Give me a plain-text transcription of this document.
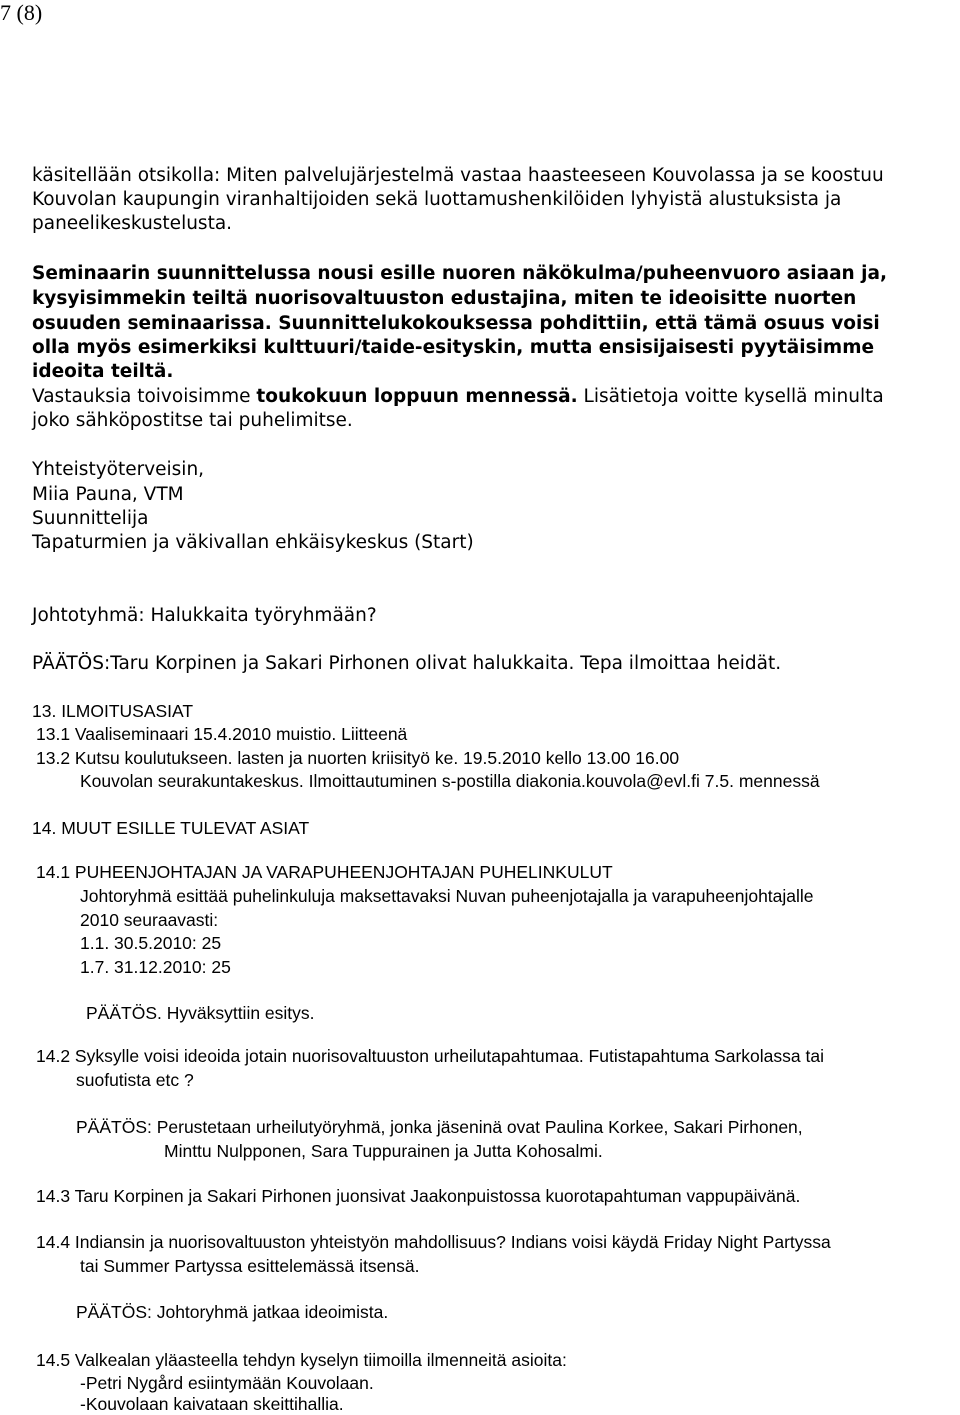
7 (8)

käsitellään otsikolla: Miten palvelujärjestelmä vastaa haasteeseen Kouvolassa ja se koostuu

Kouvolan kaupungin viranhaltijoiden sekä luottamushenkilöiden lyhyistä alustuksista ja

paneelikeskustelusta.

Seminaarin suunnittelussa nousi esille nuoren näkökulma/puheenvuoro asiaan ja,

kysyisimmekin teiltä nuorisovaltuuston edustajina, miten te ideoisitte nuorten

osuuden seminaarissa. Suunnittelukokouksessa pohdittiin, että tämä osuus voisi

olla myös esimerkiksi kulttuuri/taide-esityskin, mutta ensisijaisesti pyytäisimme

ideoita teiltä.

Vastauksia toivoisimme toukokuun loppuun mennessä. Lisätietoja voitte kysellä minulta

joko sähköpostitse tai puhelimitse.

Yhteistyöterveisin,

Miia Pauna, VTM

Suunnittelija

Tapaturmien ja väkivallan ehkäisykeskus (Start)

Johtotyhmä: Halukkaita työryhmään?

PÄÄTÖS:Taru Korpinen ja Sakari Pirhonen olivat halukkaita. Tepa ilmoittaa heidät.

13. ILMOITUSASIAT

13.1 Vaaliseminaari 15.4.2010 muistio. Liitteenä

13.2 Kutsu koulutukseen. lasten ja nuorten kriisityö ke. 19.5.2010 kello 13.00 16.00

Kouvolan seurakuntakeskus. Ilmoittautuminen s-postilla diakonia.kouvola@evl.fi 7.5. mennessä

14. MUUT ESILLE TULEVAT ASIAT

14.1 PUHEENJOHTAJAN JA VARAPUHEENJOHTAJAN PUHELINKULUT

Johtoryhmä esittää puhelinkuluja maksettavaksi Nuvan puheenjotajalla ja varapuheenjohtajalle

2010 seuraavasti:

1.1. 30.5.2010: 25

1.7. 31.12.2010: 25

PÄÄTÖS. Hyväksyttiin esitys.

14.2 Syksylle voisi ideoida jotain nuorisovaltuuston urheilutapahtumaa. Futistapahtuma Sarkolassa tai

suofutista etc ?

PÄÄTÖS: Perustetaan urheilutyöryhmä, jonka jäseninä ovat Paulina Korkee, Sakari Pirhonen,

Minttu Nulpponen, Sara Tuppurainen ja Jutta Kohosalmi.

14.3 Taru Korpinen ja Sakari Pirhonen juonsivat Jaakonpuistossa kuorotapahtuman vappupäivänä.

14.4 Indiansin ja nuorisovaltuuston yhteistyön mahdollisuus? Indians voisi käydä Friday Night Partyssa

tai Summer Partyssa esittelemässä itsensä.

PÄÄTÖS: Johtoryhmä jatkaa ideoimista.

14.5 Valkealan yläasteella tehdyn kyselyn tiimoilla ilmenneitä asioita:

-Petri Nygård esiintymään Kouvolaan.

-Kouvolaan kaivataan skeittihallia.
